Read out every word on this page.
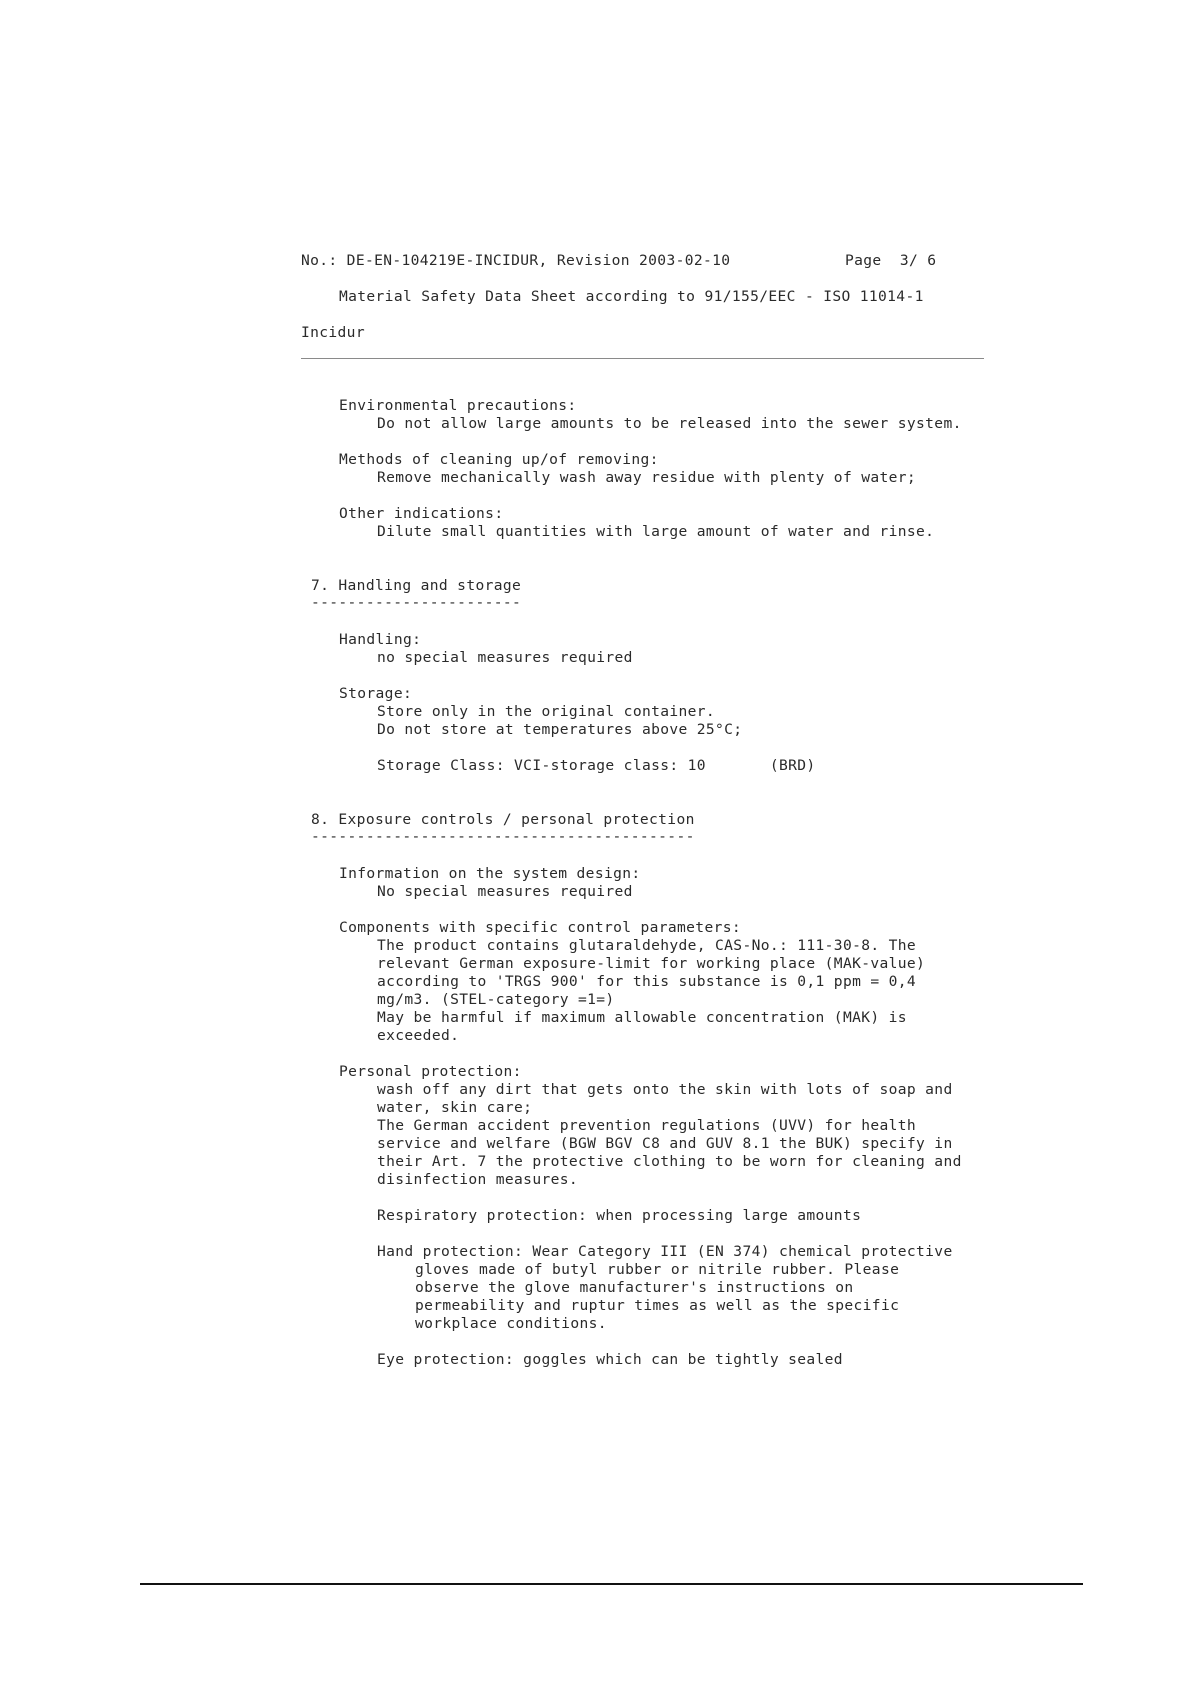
No.: DE-EN-104219E-INCIDUR, Revision 2003-02-10	Page  3/ 6

Material Safety Data Sheet according to 91/155/EEC - ISO 11014-1

Incidur

Environmental precautions:

Do not allow large amounts to be released into the sewer system.

Methods of cleaning up/of removing:

Remove mechanically wash away residue with plenty of water;

Other indications:

Dilute small quantities with large amount of water and rinse.

7. Handling and storage

-----------------------

Handling:

no special measures required

Storage:

Store only in the original container.

Do not store at temperatures above 25°C;

Storage Class: VCI-storage class: 10       (BRD)

8. Exposure controls / personal protection

------------------------------------------

Information on the system design:

No special measures required

Components with specific control parameters:

The product contains glutaraldehyde, CAS-No.: 111-30-8. The

relevant German exposure-limit for working place (MAK-value)

according to 'TRGS 900' for this substance is 0,1 ppm = 0,4

mg/m3. (STEL-category =1=)

May be harmful if maximum allowable concentration (MAK) is

exceeded.

Personal protection:

wash off any dirt that gets onto the skin with lots of soap and

water, skin care;

The German accident prevention regulations (UVV) for health

service and welfare (BGW BGV C8 and GUV 8.1 the BUK) specify in

their Art. 7 the protective clothing to be worn for cleaning and

disinfection measures.

Respiratory protection: when processing large amounts

Hand protection: Wear Category III (EN 374) chemical protective

gloves made of butyl rubber or nitrile rubber. Please

observe the glove manufacturer's instructions on

permeability and ruptur times as well as the specific

workplace conditions.

Eye protection: goggles which can be tightly sealed
